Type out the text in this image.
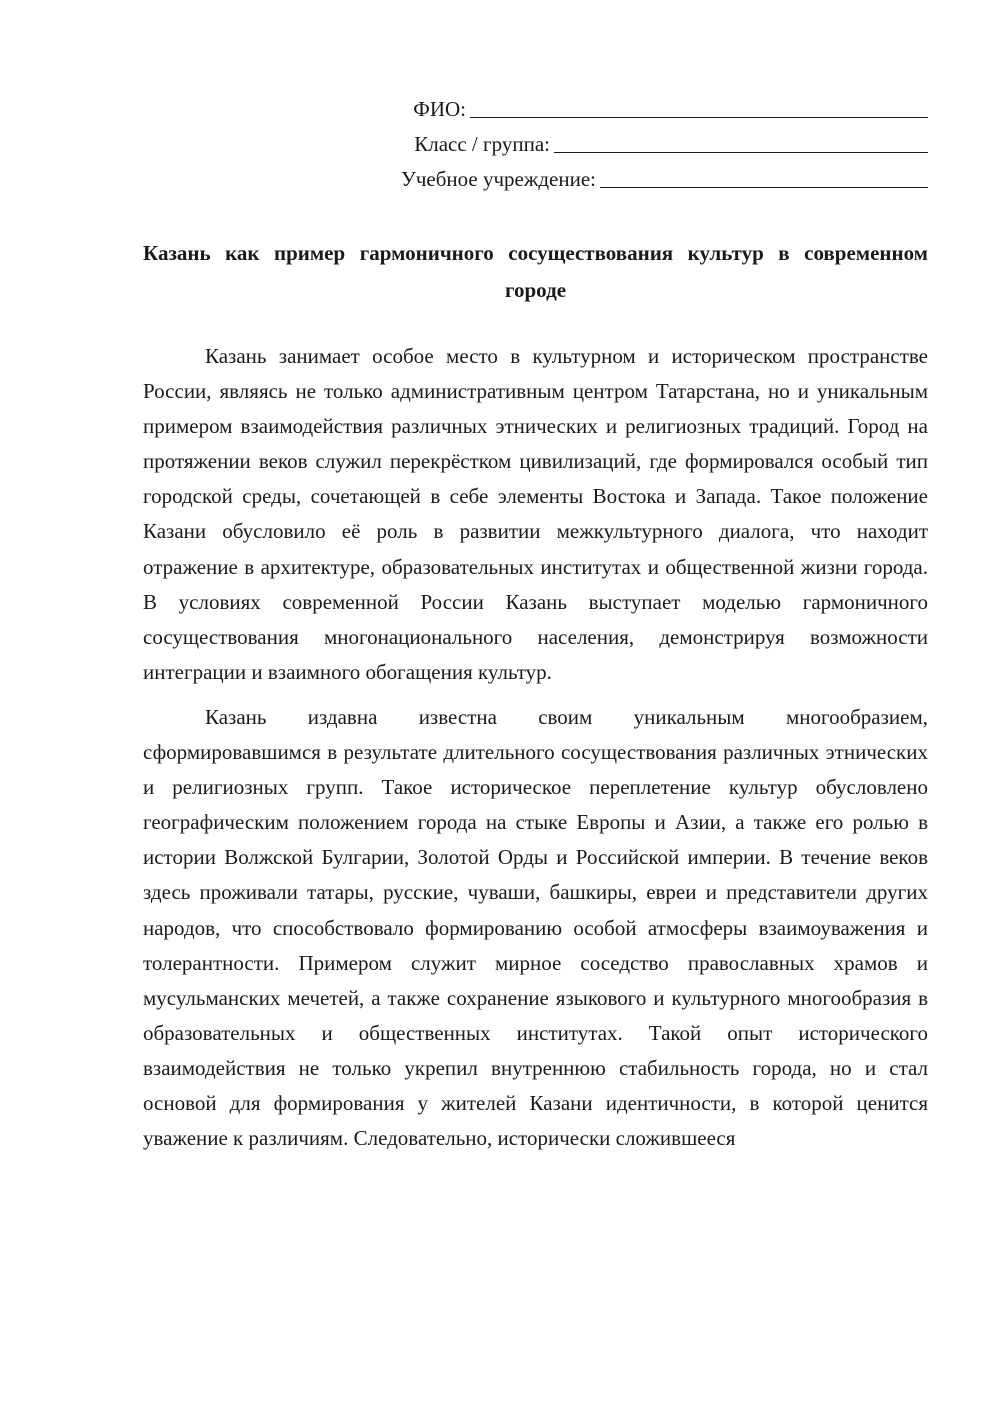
ФИО:
Класс / группа:
Учебное учреждение:
Казань как пример гармоничного сосуществования культур в современном
городе

Казань занимает особое место в культурном и историческом пространстве России, являясь не только административным центром Татарстана, но и уникальным примером взаимодействия различных этнических и религиозных традиций. Город на протяжении веков служил перекрёстком цивилизаций, где формировался особый тип городской среды, сочетающей в себе элементы Востока и Запада. Такое положение Казани обусловило её роль в развитии межкультурного диалога, что находит отражение в архитектуре, образовательных институтах и общественной жизни города. В условиях современной России Казань выступает моделью гармоничного сосуществования многонационального населения, демонстрируя возможности интеграции и взаимного обогащения культур.

Казань издавна известна своим уникальным многообразием, сформировавшимся в результате длительного сосуществования различных этнических и религиозных групп. Такое историческое переплетение культур обусловлено географическим положением города на стыке Европы и Азии, а также его ролью в истории Волжской Булгарии, Золотой Орды и Российской империи. В течение веков здесь проживали татары, русские, чуваши, башкиры, евреи и представители других народов, что способствовало формированию особой атмосферы взаимоуважения и толерантности. Примером служит мирное соседство православных храмов и мусульманских мечетей, а также сохранение языкового и культурного многообразия в образовательных и общественных институтах. Такой опыт исторического взаимодействия не только укрепил внутреннюю стабильность города, но и стал основой для формирования у жителей Казани идентичности, в которой ценится уважение к различиям. Следовательно, исторически сложившееся
